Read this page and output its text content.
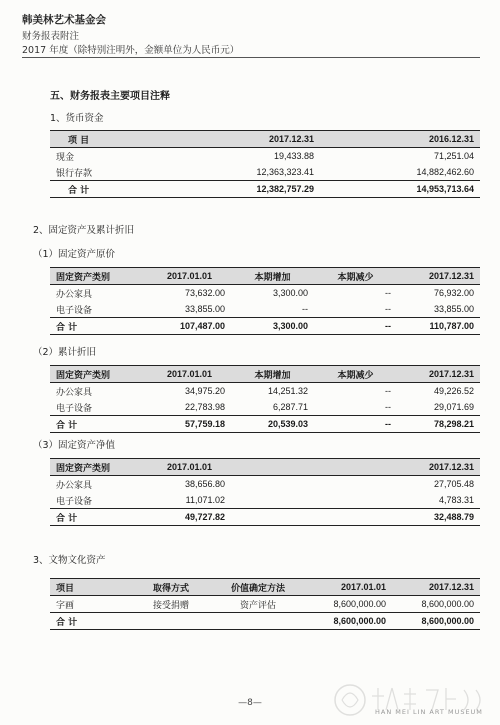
韩美林艺术基金会
财务报表附注
2017 年度（除特别注明外，金额单位为人民币元）
五、财务报表主要项目注释
1、货币资金
项 目	2017.12.31	2016.12.31
现金	19,433.88	71,251.04
银行存款	12,363,323.41	14,882,462.60
合 计	12,382,757.29	14,953,713.64
2、固定资产及累计折旧
（1）固定资产原价
固定资产类别	2017.01.01	本期增加	本期减少	2017.12.31
办公家具	73,632.00	3,300.00	--	76,932.00
电子设备	33,855.00	--	--	33,855.00
合 计	107,487.00	3,300.00	--	110,787.00
（2）累计折旧
固定资产类别	2017.01.01	本期增加	本期减少	2017.12.31
办公家具	34,975.20	14,251.32	--	49,226.52
电子设备	22,783.98	6,287.71	--	29,071.69
合 计	57,759.18	20,539.03	--	78,298.21
（3）固定资产净值
固定资产类别	2017.01.01		2017.12.31
办公家具	38,656.80		27,705.48
电子设备	11,071.02		4,783.31
合 计	49,727.82		32,488.79
3、文物文化资产
项目	取得方式	价值确定方法	2017.01.01	2017.12.31
字画	接受捐赠	资产评估	8,600,000.00	8,600,000.00
合 计			8,600,000.00	8,600,000.00
—8—
HAN MEI LIN ART MUSEUM
